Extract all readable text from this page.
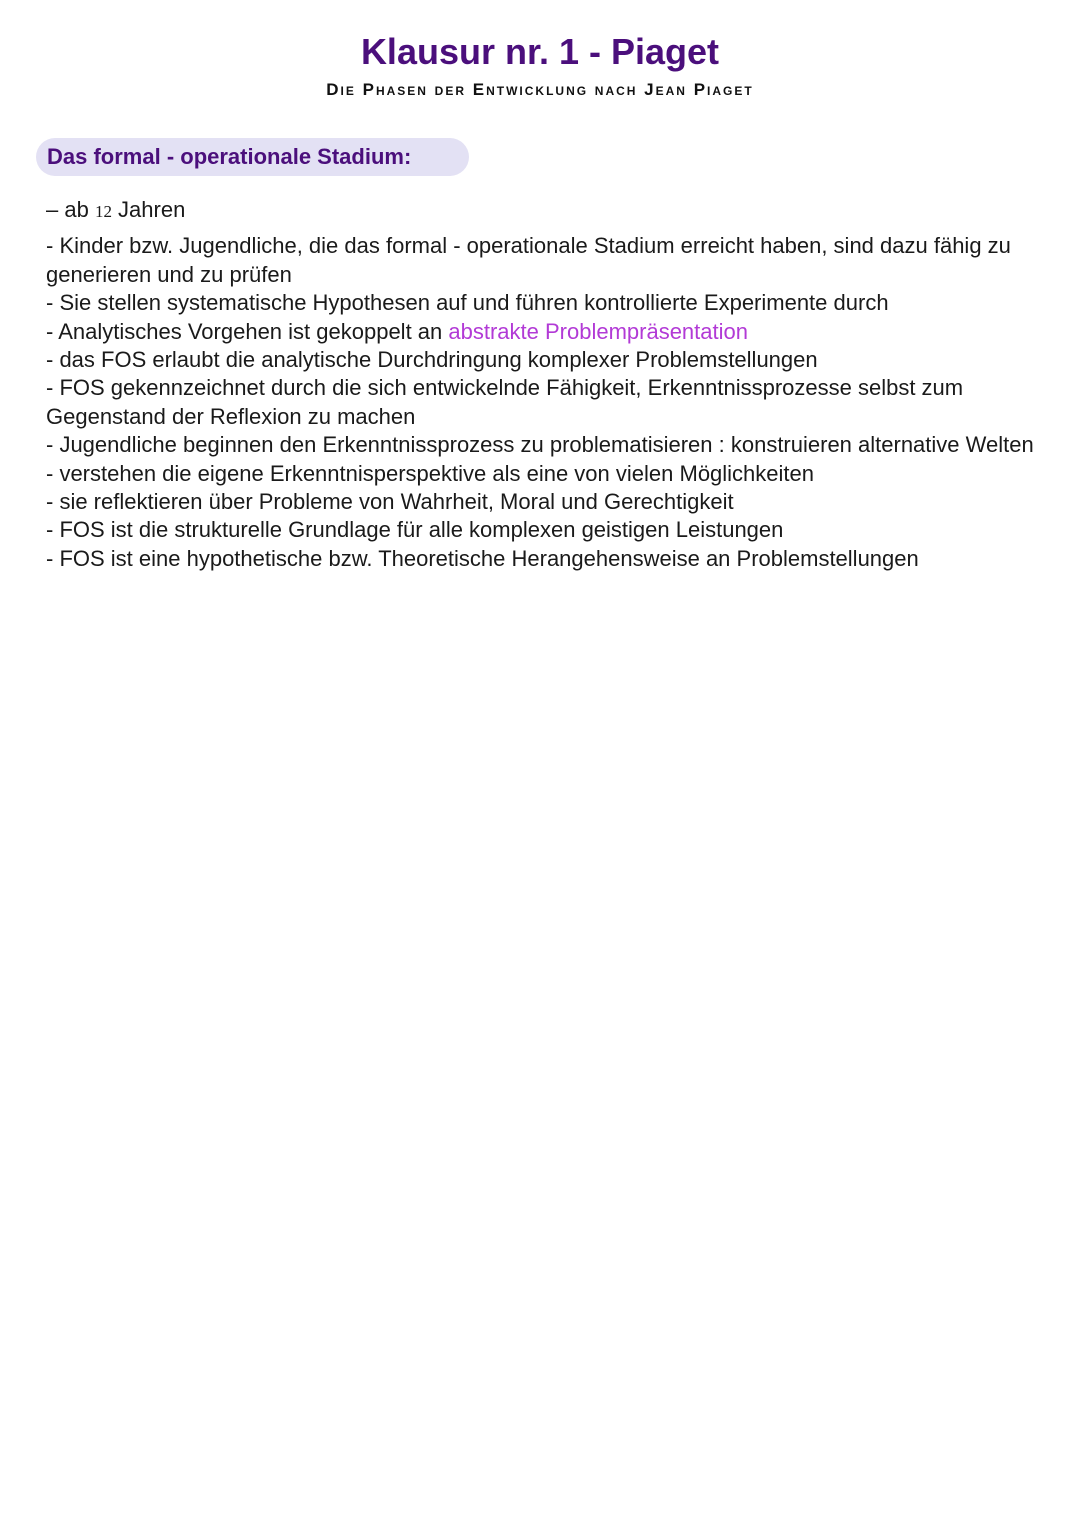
Klausur nr. 1 - Piaget
Die Phasen der Entwicklung nach Jean Piaget
Das formal - operationale Stadium:
– ab 12 Jahren

- Kinder bzw. Jugendliche, die das formal - operationale Stadium erreicht haben, sind dazu fähig zu generieren und zu prüfen

- Sie stellen systematische Hypothesen auf und führen kontrollierte Experimente durch

- Analytisches Vorgehen ist gekoppelt an abstrakte Problempräsentation

- das FOS erlaubt die analytische Durchdringung komplexer Problemstellungen

- FOS gekennzeichnet durch die sich entwickelnde Fähigkeit, Erkenntnissprozesse selbst zum Gegenstand der Reflexion zu machen

- Jugendliche beginnen den Erkenntnissprozess zu problematisieren : konstruieren alternative Welten - verstehen die eigene Erkenntnisperspektive als eine von vielen Möglichkeiten

- sie reflektieren über Probleme von Wahrheit, Moral und Gerechtigkeit

- FOS ist die strukturelle Grundlage für alle komplexen geistigen Leistungen

- FOS ist eine hypothetische bzw. Theoretische Herangehensweise an Problemstellungen
